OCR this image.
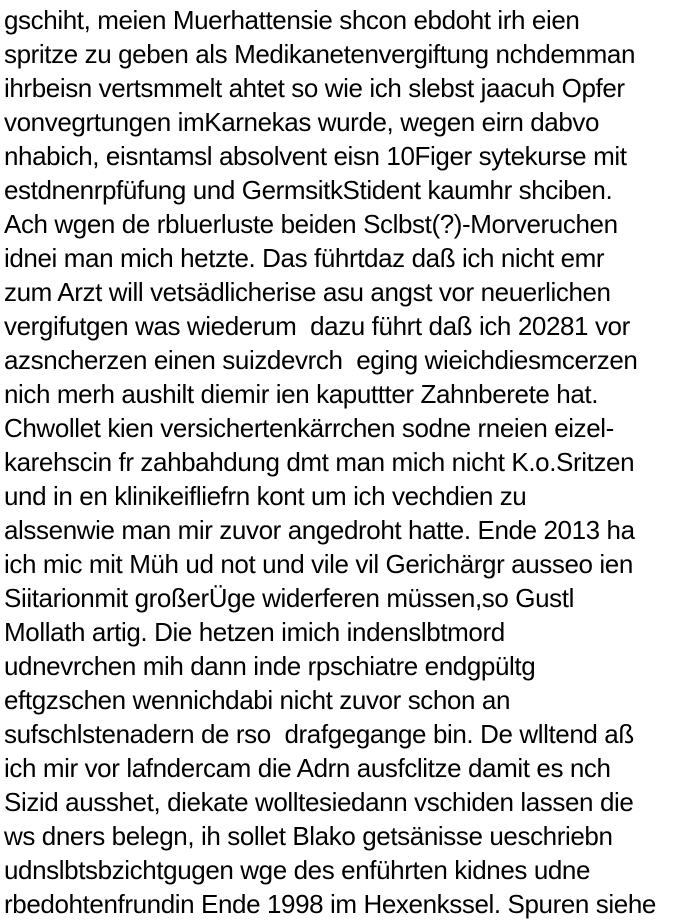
gschiht, meien Muerhattensie shcon ebdoht irh eien
spritze zu geben als Medikanetenvergiftung nchdemman
ihrbeisn vertsmmelt ahtet so wie ich slebst jaacuh Opfer
vonvegrtungen imKarnekas wurde, wegen eirn dabvo
nhabich, eisntamsl absolvent eisn 10Figer sytekurse mit
estdnenrpfüfung und GermsitkStident kaumhr shciben.
Ach wgen de rbluerluste beiden Sclbst(?)-Morveruchen
idnei man mich hetzte. Das führtdaz daß ich nicht emr
zum Arzt will vetsädlicherise asu angst vor neuerlichen
vergifutgen was wiederum  dazu führt daß ich 20281 vor
azsncherzen einen suizdevrch  eging wieichdiesmcerzen
nich merh aushilt diemir ien kaputtter Zahnberete hat.
Chwollet kien versichertenkärrchen sodne rneien eizel-
karehscin fr zahbahdung dmt man mich nicht K.o.Sritzen
und in en klinikeifliefrn kont um ich vechdien zu
alssenwie man mir zuvor angedroht hatte. Ende 2013 ha
ich mic mit Müh ud not und vile vil Gerichärgr ausseo ien
Siitarionmit großerÜge widerferen müssen,so Gustl
Mollath artig. Die hetzen imich indenslbtmord
udnevrchen mih dann inde rpschiatre endgpültg
eftgzschen wennichdabi nicht zuvor schon an
sufschlstenadern de rso  drafgegange bin. De wlltend aß
ich mir vor lafndercam die Adrn ausfclitze damit es nch
Sizid ausshet, diekate wolltesiedann vschiden lassen die
ws dners belegn, ih sollet Blako getsänisse ueschriebn
udnslbtsbzichtgugen wge des enführten kidnes udne
rbedohtenfrundin Ende 1998 im Hexenkssel. Spuren siehe
